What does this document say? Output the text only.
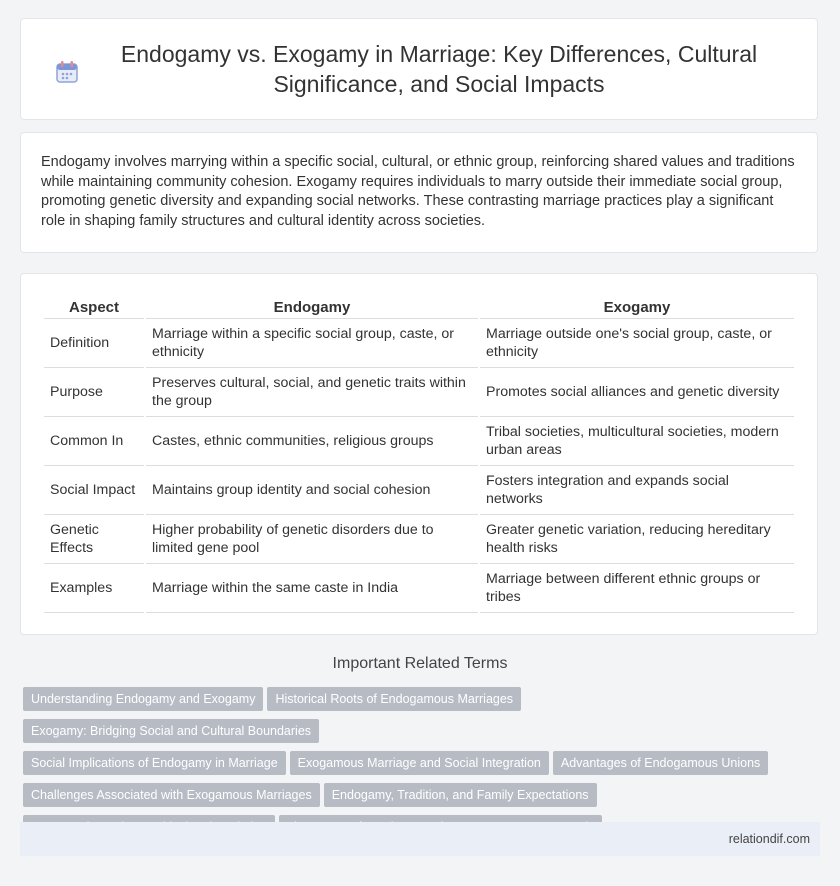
Endogamy vs. Exogamy in Marriage: Key Differences, Cultural Significance, and Social Impacts

Endogamy involves marrying within a specific social, cultural, or ethnic group, reinforcing shared values and traditions while maintaining community cohesion. Exogamy requires individuals to marry outside their immediate social group, promoting genetic diversity and expanding social networks. These contrasting marriage practices play a significant role in shaping family structures and cultural identity across societies.

Aspect	Endogamy	Exogamy
Definition	Marriage within a specific social group, caste, or ethnicity	Marriage outside one's social group, caste, or ethnicity
Purpose	Preserves cultural, social, and genetic traits within the group	Promotes social alliances and genetic diversity
Common In	Castes, ethnic communities, religious groups	Tribal societies, multicultural societies, modern urban areas
Social Impact	Maintains group identity and social cohesion	Fosters integration and expands social networks
Genetic Effects	Higher probability of genetic disorders due to limited gene pool	Greater genetic variation, reducing hereditary health risks
Examples	Marriage within the same caste in India	Marriage between different ethnic groups or tribes
Important Related Terms
Understanding Endogamy and Exogamy Historical Roots of Endogamous MarriagesExogamy: Bridging Social and Cultural Boundaries
Social Implications of Endogamy in Marriage Exogamous Marriage and Social Integration Advantages of Endogamous Unions
Challenges Associated with Exogamous Marriages Endogamy, Tradition, and Family Expectations

relationdif.com
